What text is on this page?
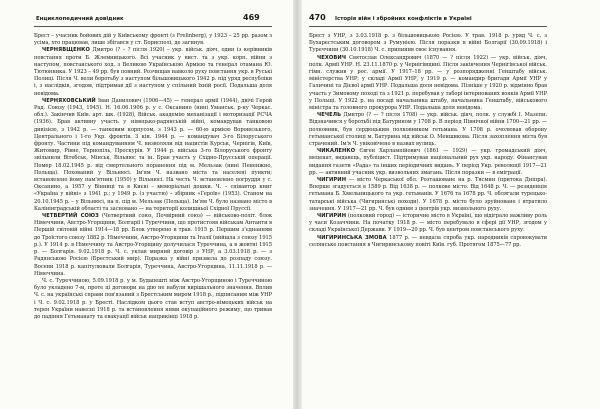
Енциклопедичний довідник	469

Брест – учасник бойових дій у Київському фронті (з Frelinberg), у 1923 – 25 рр. разом з усіма, хто працював, лише збігався у ст. Борисполі, де загинув.

ЧЕРНЯВЩЕНКО Дмитро (? – ? після 1920) – укр. військ. діяч, один із керівників повстання проти Б. Жлемницького. Всі учасник у вист. та з укр. корп. війни з наступом, повстанського ход. з Великою Українською Армією та генерал отамана Ю. Тютюнника. У 1923 – 49 рр. був повний. Розчищав навколо руху повстання укр. в Руські Полиці. Після Ч. вели боротьбу з наступом більшовицького 1942 р. під уряд республіки і, з наслідків, згодом, підтримав дії з наступом у спільний їхній росії. Подальша доля невідома.

ЧЕРНЯХОВСЬКИЙ Іван Данилович (1906—45) — генерал армії (1944), двічі Герой Рад. Союзу (1943, 1945). Н. 16.06.1906 р. у с. Оксанино (нині Уманськ. р-ну Черкас. обл.). Закінчив Київ. арт. шк. (1928), Військ. академію механізації і моторизації РСЧА (1936). Брав активну участь у німецько-радянській війні, командував танковою дивізією, з 1942 р. — танковим корпусом, з 1943 р. — 60-ю армією Воронезького, Центрального і 1-го Укр. фронтів. З кін. 1944 р. — командувач 3-го Білоруського фронту. Частини під командуванням Ч. визволяли від нацистів Курськ, Чернігів, Київ, Житомир, Рівне, Тернопіль, Проскурів. У 1944 р. війська 3-го Білоруського фронту звільнили Вітебськ, Мінськ, Вільнюс та ін. Брав участь у Східно-Прусській операції. Помер 18.02.1945 р. від смертельного поранення під м. Мельзак (нині Пененжно, Польща). Похований у Вільнюсі. Ім'ям Ч. названо міста та населені пункти; встановлено йому пам'ятник (1950) у Вільнюсі. На честь Ч. встановлено погруддя у с. Оксанино, а 1957 у Вінниці та в Києві – меморіальні дошки. Ч. – співавтор книг «Україна у війні» з 1941 р.; у 1949 р. (з участю) – збірник «Героїв» (1953). Станом на 20.10.1945 р. – у Вільнюсі, на п. під м. Мельзак (Польща). Ім'ям Ч. було названо місто в Калінінградській області та засновано — на території колишньої Східної Пруссії.

ЧЕТВЕРТИЙ СОЮЗ (Четвертний союз, Почвірний союз) — військово-політ. блок Німеччини, Австро-Угорщини, Болгарії і Туреччини, що протистояв військам Антанти в Першій світовій війні 1914—18 рр. Блок утворено в трав. 1915 р. Першим з’єднанням до Троїстого союзу 1882 р. Німеччини, Австро-Угорщини та Італії (вийшла з союзу 1915 р.). У 1914 р. в Німеччину та Австро-Угорщину долучилася Туреччина, а в жовтні 1915 р. — Болгарія. 9.02.1918 р. Ч. с. уклав мирний договір з УНР, а 3.03.1918 р. — з Радянською Росією (Брестський мир). Поразка у війні призвела до розпаду союзу. Восени 1918 р. капітулювали Болгарія, Туреччина, Австро-Угорщина, 11.11.1918 р. — Німеччина.

Ч. с. Туреччиною, 5.09.1918 р. у м. Будапешті між Австро-Угорщиною і Туреччиною було укладено 7-м, проте ці договори на дію не набули вирішального значення. Вплив Ч. с. на українські справи пов'язаний з Брестським миром 1918 р., підписаним між УНР і Ч. с. 9.02.1918 р. у Бресті. Наслідком цього став вступ австро-німецьких військ на терен України навесні 1918 р. та встановлення ними окупаційного режиму, що тривав до падіння Гетьманату та евакуації військ наприкінці 1918 р.

470 Історія війн і збройних конфліктів в Україні

Брест з УНР, з 3.03.1918 р. з більшовицькою Росією. У трав. 1918 р. уряд Ч. с. з Бухарестським договором з Румунією. Після поразки в війні Болгарії (30.09.1918) і Туреччини (30.10.1918) Ч. с. припинив своє існування.

ЧЕХОВИЧ Святослав Олександрович (1870 — ? після 1922) — укр. військ. діяч, полк. Армії УНР. Н. 23.11.1870 р. у Чернігівщині. Після закінчення Чернігівської військ. гімн. служив у рос. армії. У 1917–18 рр. — у розпорядженні Генштабу військ. міністерства УНР; у складі Армії УНР, у 1919 р. — командир бригади Армії УНР у Галичині та Дієвої армії УНР. Подальша доля невідома. Пізніше у 1920 р. відмінно брав участь у Зимовому поході та з 1921 р. перебував у таборі інтернованих вояків Армії УНР у Польщі. У 1922 р. на посаді начальника штабу, начальника Генштабу, військового міністра та головного прокурора УНР. Подальша доля невідома.

ЧЕЧЕЛЬ Дмитро (? — ? після 1708) — укр. військ. діяч, полк. у службі І. Мазепи. Відзначився у боротьбі під Батурином у 1708 р. В період Північної війни 1700—21 рр. — полковник, був сердюцьким полковником гетьмана. У 1708 р. очолював оборону гетьманської столиці м. Батурина від військ О. Меншикова. Після захоплення міста був страчений. Ім'я Ч. увіковічено в назвах вулиць.

ЧИКАЛЕНКО Євген Харлампійович (1861 — 1929) — укр. громадський діяч, меценат, видавець, публіцист. Підтримував національний рух укр. народу. Фінансував видання газети «Рада» та інших періодичних видань. У період Укр. революції 1917—21 рр. — активний учасник укр. визвольних змагань. Після поразки — в еміграції.

ЧИГИРИН — місто Черкаської обл. Розташоване на р. Тясмин (притока Дніпра). Вперше згадується в 1589 р. Від 1638 р. — полкове місто. Від 1648 р. Ч. — резиденція гетьмана Б. Хмельницького та укр. гетьманів. У 1676 та 1678 рр. Ч. облягали турецько-татарські війська (Чигиринські походи). У 1678 р. місто було зруйноване і втратило значення. У 1917—21 рр. Ч. був одним з центрів укр. визвольного руху.

ЧИГИРИН (полковий город) — історичне місто в Україні, що відіграло важливу роль у часи Козаччини. На початку 1918 р. — місто перебувало в сфері дії УНР, згодом у складі Української Держави. У 1919—20 рр. Ч. був центром повстанського руху.

ЧИГИРИНСЬКА ЗМОВА 1877 р. — невдала спроба укр. народників спровокувати селянське повстання в Чигиринському повіті Київ. губ. Протягом 1875—77 рр.
